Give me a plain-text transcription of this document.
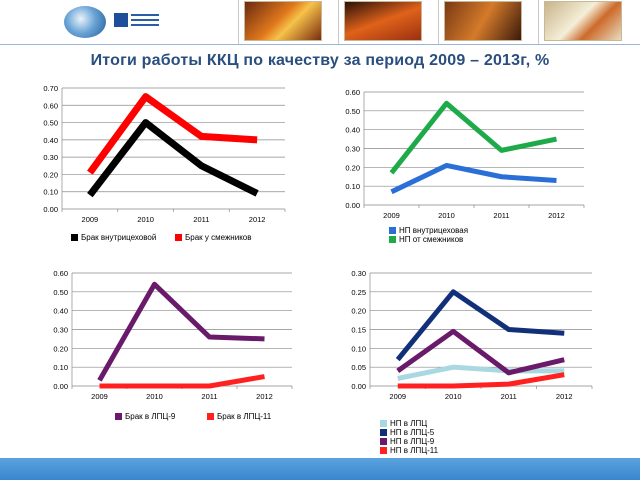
Итоги работы ККЦ по качеству за период 2009 – 2013г, %
0.00
0.10
0.20
0.30
0.40
0.50
0.60
0.70
2009	2010	2011	2012
0.00
0.10
0.20
0.30
0.40
0.50
0.60
2009	2010	2011	2012
0.00
0.10
0.20
0.30
0.40
0.50
0.60
2009	2010	2011	2012
0.00
0.05
0.10
0.15
0.20
0.25
0.30
2009	2010	2011	2012
Брак внутрицеховой	Брак у смежников
НП внутрицеховая
НП от смежников
Брак в ЛПЦ-9	Брак в ЛПЦ-11
НП в ЛПЦ
НП в ЛПЦ-5
НП в ЛПЦ-9
НП в ЛПЦ-11
